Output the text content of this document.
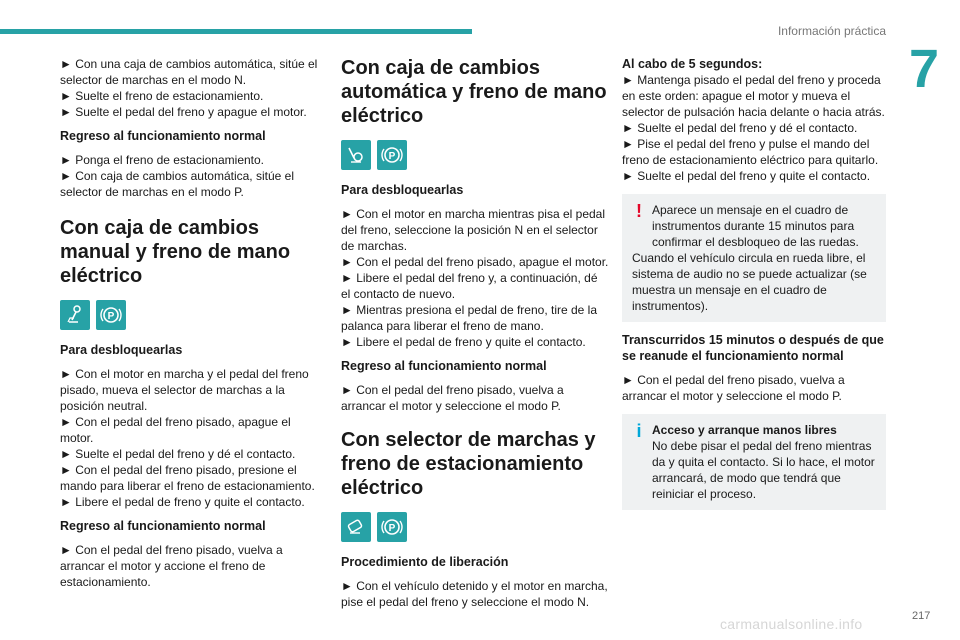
Información práctica
7

► Con una caja de cambios automática, sitúe el selector de marchas en el modo N.
► Suelte el freno de estacionamiento.
► Suelte el pedal del freno y apague el motor.

Regreso al funcionamiento normal

► Ponga el freno de estacionamiento.
► Con caja de cambios automática, sitúe el selector de marchas en el modo P.

Con caja de cambios manual y freno de mano eléctrico
P
Para desbloquearlas

► Con el motor en marcha y el pedal del freno pisado, mueva el selector de marchas a la posición neutral.
► Con el pedal del freno pisado, apague el motor.
► Suelte el pedal del freno y dé el contacto.
► Con el pedal del freno pisado, presione el mando para liberar el freno de estacionamiento.
► Libere el pedal de freno y quite el contacto.

Regreso al funcionamiento normal

► Con el pedal del freno pisado, vuelva a arrancar el motor y accione el freno de estacionamiento.

Con caja de cambios automática y freno de mano eléctrico
P
Para desbloquearlas

► Con el motor en marcha mientras pisa el pedal del freno, seleccione la posición N en el selector de marchas.
► Con el pedal del freno pisado, apague el motor.
► Libere el pedal del freno y, a continuación, dé el contacto de nuevo.
► Mientras presiona el pedal de freno, tire de la palanca para liberar el freno de mano.
► Libere el pedal de freno y quite el contacto.

Regreso al funcionamiento normal

► Con el pedal del freno pisado, vuelva a arrancar el motor y seleccione el modo P.

Con selector de marchas y freno de estacionamiento eléctrico
P
Procedimiento de liberación

► Con el vehículo detenido y el motor en marcha, pise el pedal del freno y seleccione el modo N.

Al cabo de 5 segundos:

► Mantenga pisado el pedal del freno y proceda en este orden: apague el motor y mueva el selector de pulsación hacia delante o hacia atrás.
► Suelte el pedal del freno y dé el contacto.
► Pise el pedal del freno y pulse el mando del freno de estacionamiento eléctrico para quitarlo.
► Suelte el pedal del freno y quite el contacto.

! Aparece un mensaje en el cuadro de instrumentos durante 15 minutos para confirmar el desbloqueo de las ruedas.
Cuando el vehículo circula en rueda libre, el sistema de audio no se puede actualizar (se muestra un mensaje en el cuadro de instrumentos).
Transcurridos 15 minutos o después de que se reanude el funcionamiento normal

► Con el pedal del freno pisado, vuelva a arrancar el motor y seleccione el modo P.

i Acceso y arranque manos libres
No debe pisar el pedal del freno mientras da y quita el contacto. Si lo hace, el motor arrancará, de modo que tendrá que reiniciar el proceso.
carmanualsonline.info	217
